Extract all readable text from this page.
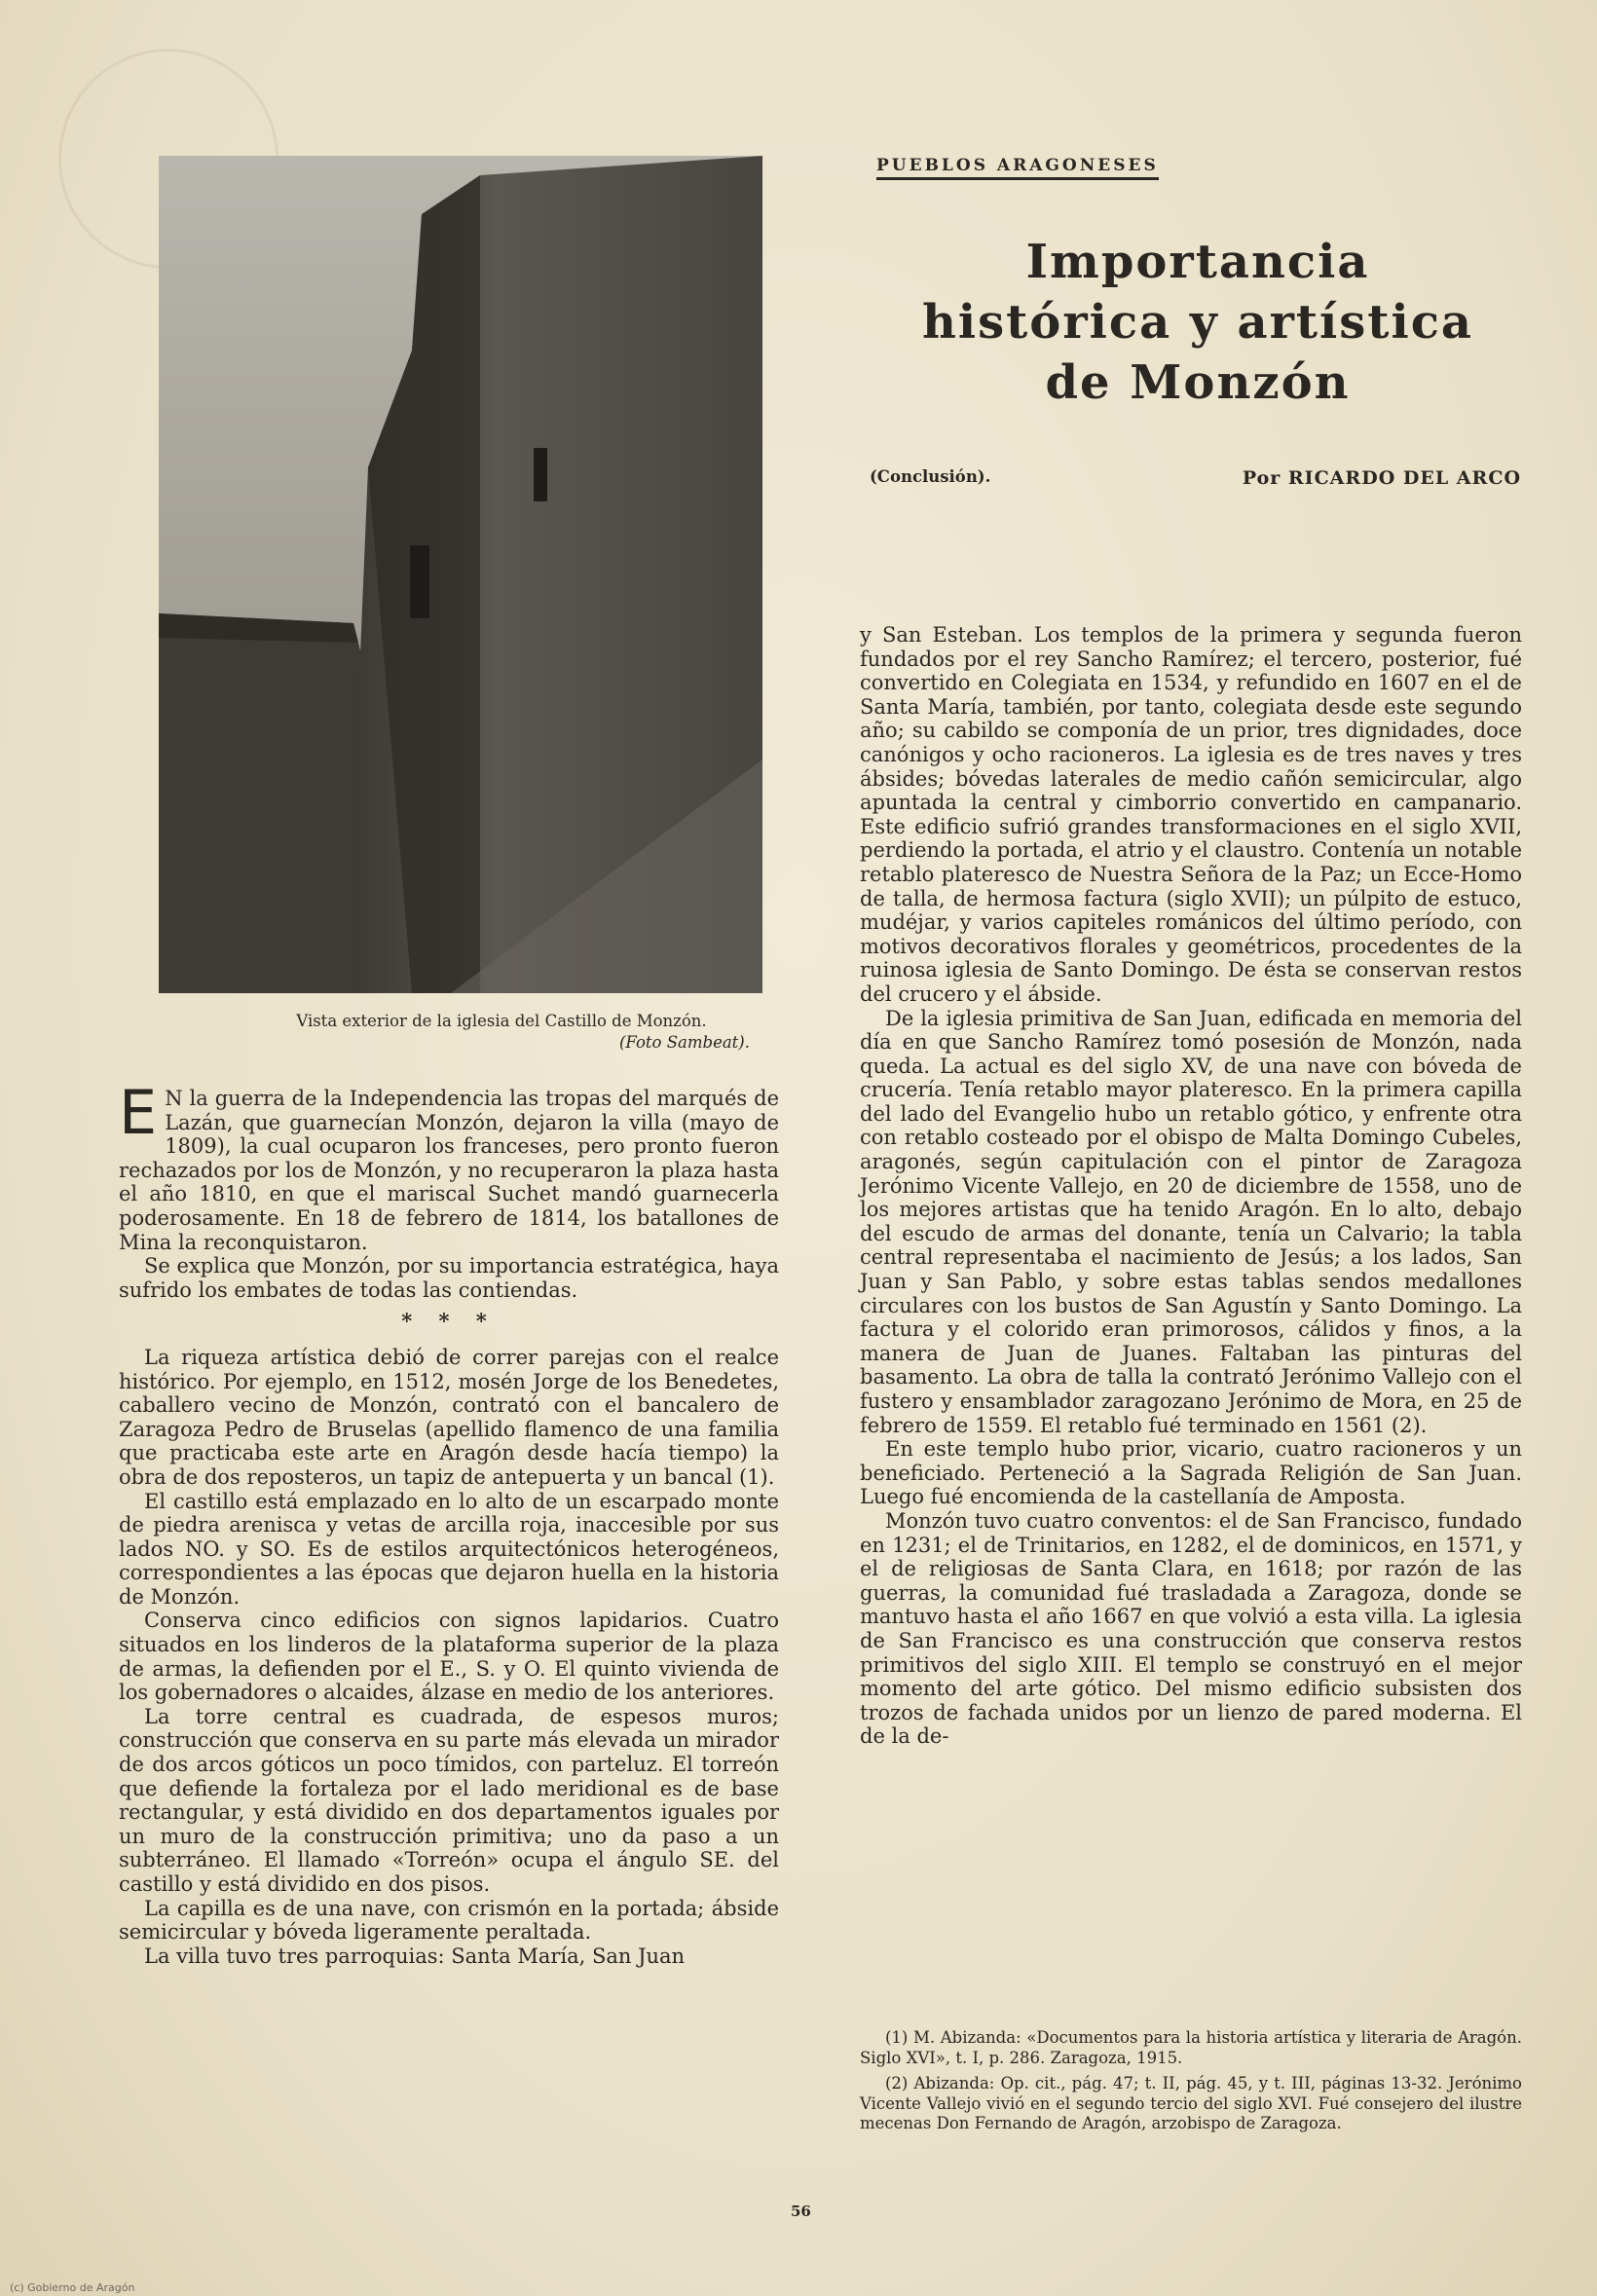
Vista exterior de la iglesia del Castillo de Monzón.
(Foto Sambeat).
PUEBLOS ARAGONESES
Importancia
histórica y artística
de Monzón
(Conclusión).	Por RICARDO DEL ARCO

E N la guerra de la Independencia las tropas del marqués de Lazán, que guarnecían Monzón, dejaron la villa (mayo de 1809), la cual ocuparon los franceses, pero pronto fueron rechazados por los de Monzón, y no recuperaron la plaza hasta el año 1810, en que el mariscal Suchet mandó guarnecerla poderosamente. En 18 de febrero de 1814, los batallones de Mina la reconquistaron.

Se explica que Monzón, por su importancia estratégica, haya sufrido los embates de todas las contiendas.

* * *

La riqueza artística debió de correr parejas con el realce histórico. Por ejemplo, en 1512, mosén Jorge de los Benedetes, caballero vecino de Monzón, contrató con el bancalero de Zaragoza Pedro de Bruselas (apellido flamenco de una familia que practicaba este arte en Aragón desde hacía tiempo) la obra de dos reposteros, un tapiz de antepuerta y un bancal (1).

El castillo está emplazado en lo alto de un escarpado monte de piedra arenisca y vetas de arcilla roja, inaccesible por sus lados NO. y SO. Es de estilos arquitectónicos heterogéneos, correspondientes a las épocas que dejaron huella en la historia de Monzón.

Conserva cinco edificios con signos lapidarios. Cuatro situados en los linderos de la plataforma superior de la plaza de armas, la defienden por el E., S. y O. El quinto vivienda de los gobernadores o alcaides, álzase en medio de los anteriores.

La torre central es cuadrada, de espesos muros; construcción que conserva en su parte más elevada un mirador de dos arcos góticos un poco tímidos, con parteluz. El torreón que defiende la fortaleza por el lado meridional es de base rectangular, y está dividido en dos departamentos iguales por un muro de la construcción primitiva; uno da paso a un subterráneo. El llamado «Torreón» ocupa el ángulo SE. del castillo y está dividido en dos pisos.

La capilla es de una nave, con crismón en la portada; ábside semicircular y bóveda ligeramente peraltada.

La villa tuvo tres parroquias: Santa María, San Juan

y San Esteban. Los templos de la primera y segunda fueron fundados por el rey Sancho Ramírez; el tercero, posterior, fué convertido en Colegiata en 1534, y refundido en 1607 en el de Santa María, también, por tanto, colegiata desde este segundo año; su cabildo se componía de un prior, tres dignidades, doce canónigos y ocho racioneros. La iglesia es de tres naves y tres ábsides; bóvedas laterales de medio cañón semicircular, algo apuntada la central y cimborrio convertido en campanario. Este edificio sufrió grandes transformaciones en el siglo XVII, perdiendo la portada, el atrio y el claustro. Contenía un notable retablo plateresco de Nuestra Señora de la Paz; un Ecce-Homo de talla, de hermosa factura (siglo XVII); un púlpito de estuco, mudéjar, y varios capiteles románicos del último período, con motivos decorativos florales y geométricos, procedentes de la ruinosa iglesia de Santo Domingo. De ésta se conservan restos del crucero y el ábside.

De la iglesia primitiva de San Juan, edificada en memoria del día en que Sancho Ramírez tomó posesión de Monzón, nada queda. La actual es del siglo XV, de una nave con bóveda de crucería. Tenía retablo mayor plateresco. En la primera capilla del lado del Evangelio hubo un retablo gótico, y enfrente otra con retablo costeado por el obispo de Malta Domingo Cubeles, aragonés, según capitulación con el pintor de Zaragoza Jerónimo Vicente Vallejo, en 20 de diciembre de 1558, uno de los mejores artistas que ha tenido Aragón. En lo alto, debajo del escudo de armas del donante, tenía un Calvario; la tabla central representaba el nacimiento de Jesús; a los lados, San Juan y San Pablo, y sobre estas tablas sendos medallones circulares con los bustos de San Agustín y Santo Domingo. La factura y el colorido eran primorosos, cálidos y finos, a la manera de Juan de Juanes. Faltaban las pinturas del basamento. La obra de talla la contrató Jerónimo Vallejo con el fustero y ensamblador zaragozano Jerónimo de Mora, en 25 de febrero de 1559. El retablo fué terminado en 1561 (2).

En este templo hubo prior, vicario, cuatro racioneros y un beneficiado. Perteneció a la Sagrada Religión de San Juan. Luego fué encomienda de la castellanía de Amposta.

Monzón tuvo cuatro conventos: el de San Francisco, fundado en 1231; el de Trinitarios, en 1282, el de dominicos, en 1571, y el de religiosas de Santa Clara, en 1618; por razón de las guerras, la comunidad fué trasladada a Zaragoza, donde se mantuvo hasta el año 1667 en que volvió a esta villa. La iglesia de San Francisco es una construcción que conserva restos primitivos del siglo XIII. El templo se construyó en el mejor momento del arte gótico. Del mismo edificio subsisten dos trozos de fachada unidos por un lienzo de pared moderna. El de la de-

(1) M. Abizanda: «Documentos para la historia artística y literaria de Aragón. Siglo XVI», t. I, p. 286. Zaragoza, 1915.

(2) Abizanda: Op. cit., pág. 47; t. II, pág. 45, y t. III, páginas 13-32. Jerónimo Vicente Vallejo vivió en el segundo tercio del siglo XVI. Fué consejero del ilustre mecenas Don Fernando de Aragón, arzobispo de Zaragoza.

56
(c) Gobierno de Aragón
